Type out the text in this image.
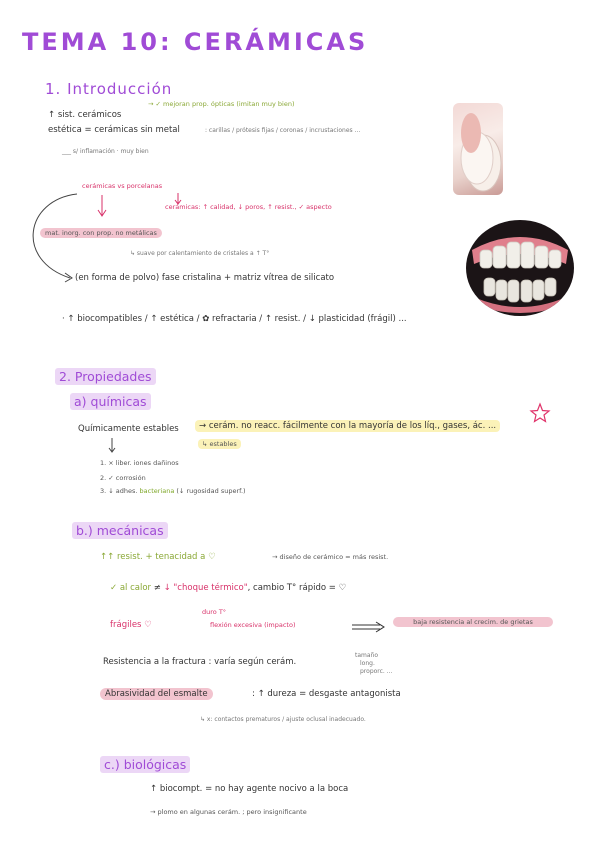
TEMA 10: CERÁMICAS
1. Introducción
↑ sist. cerámicos
→ ✓ mejoran prop. ópticas (imitan muy bien)
estética = cerámicas sin metal	: carillas / prótesis fijas / coronas / incrustaciones ...
___ s/ inflamación · muy bien
cerámicas vs porcelanas
cerámicas: ↑ calidad, ↓ poros, ↑ resist., ✓ aspecto
mat. inorg. con prop. no metálicas
↳ suave por calentamiento de cristales a ↑ T°
(en forma de polvo) fase cristalina + matriz vítrea de silicato
· ↑ biocompatibles / ↑ estética / ✿ refractaria / ↑ resist. / ↓ plasticidad (frágil) ...
2. Propiedades
a) químicas
Químicamente estables	→ cerám. no reacc. fácilmente con la mayoría de los líq., gases, ác. ...
↳ estables
1. × liber. iones dañinos
2. ✓ corrosión
3. ↓ adhes. bacteriana (↓ rugosidad superf.)
b.) mecánicas
↑↑ resist. + tenacidad a ♡	→ diseño de cerámico = más resist.
✓ al calor ≠ ↓ "choque térmico", cambio T° rápido = ♡
frágiles ♡
duro T°
flexión excesiva (impacto)	baja resistencia al crecim. de grietas
Resistencia a la fractura : varía según cerám.
tamaño
long.
proporc. ...
Abrasividad del esmalte	: ↑ dureza = desgaste antagonista
↳ x: contactos prematuros / ajuste oclusal inadecuado.
c.) biológicas
↑ biocompt. = no hay agente nocivo a la boca
→ plomo en algunas cerám. ; pero insignificante
